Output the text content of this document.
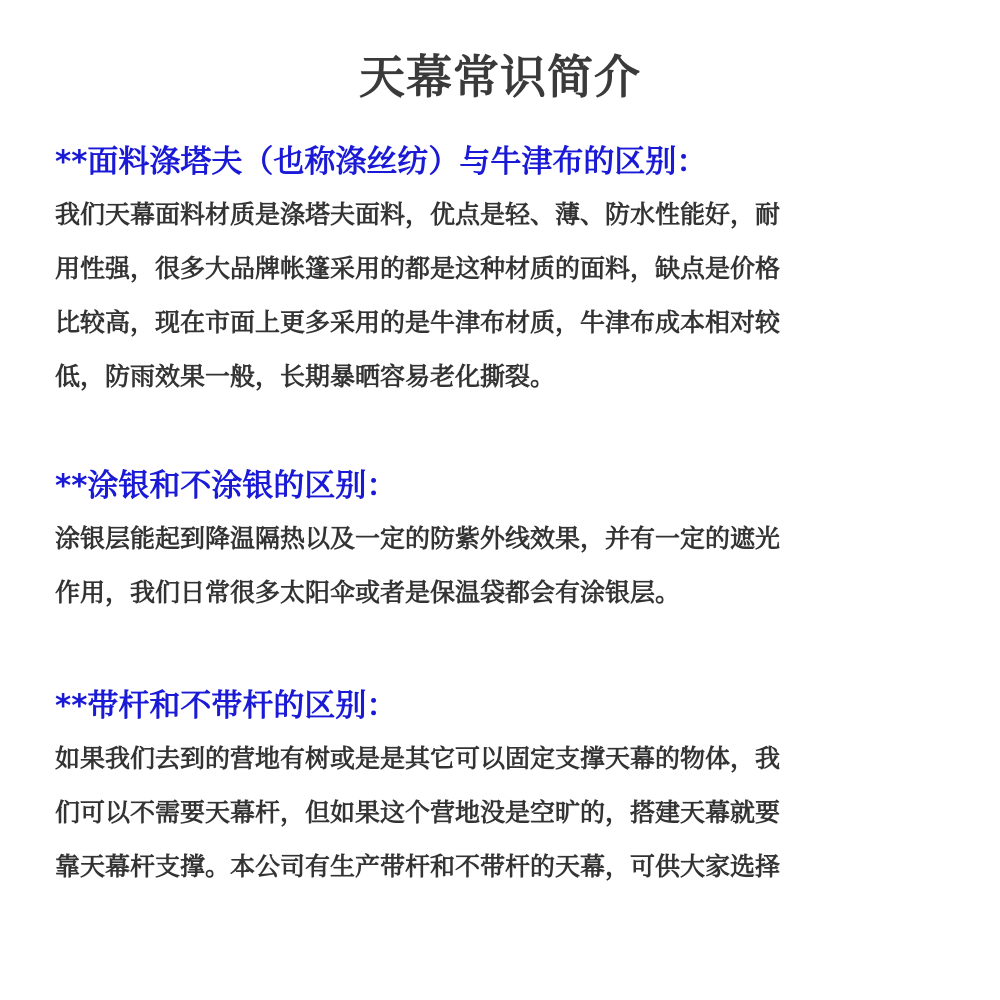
天幕常识简介
**面料涤塔夫（也称涤丝纺）与牛津布的区别：
我们天幕面料材质是涤塔夫面料，优点是轻、薄、防水性能好，耐
用性强，很多大品牌帐篷采用的都是这种材质的面料，缺点是价格
比较高，现在市面上更多采用的是牛津布材质，牛津布成本相对较
低，防雨效果一般，长期暴晒容易老化撕裂。
**涂银和不涂银的区别：
涂银层能起到降温隔热以及一定的防紫外线效果，并有一定的遮光
作用，我们日常很多太阳伞或者是保温袋都会有涂银层。
**带杆和不带杆的区别：
如果我们去到的营地有树或是是其它可以固定支撑天幕的物体，我
们可以不需要天幕杆，但如果这个营地没是空旷的，搭建天幕就要
靠天幕杆支撑。本公司有生产带杆和不带杆的天幕，可供大家选择
